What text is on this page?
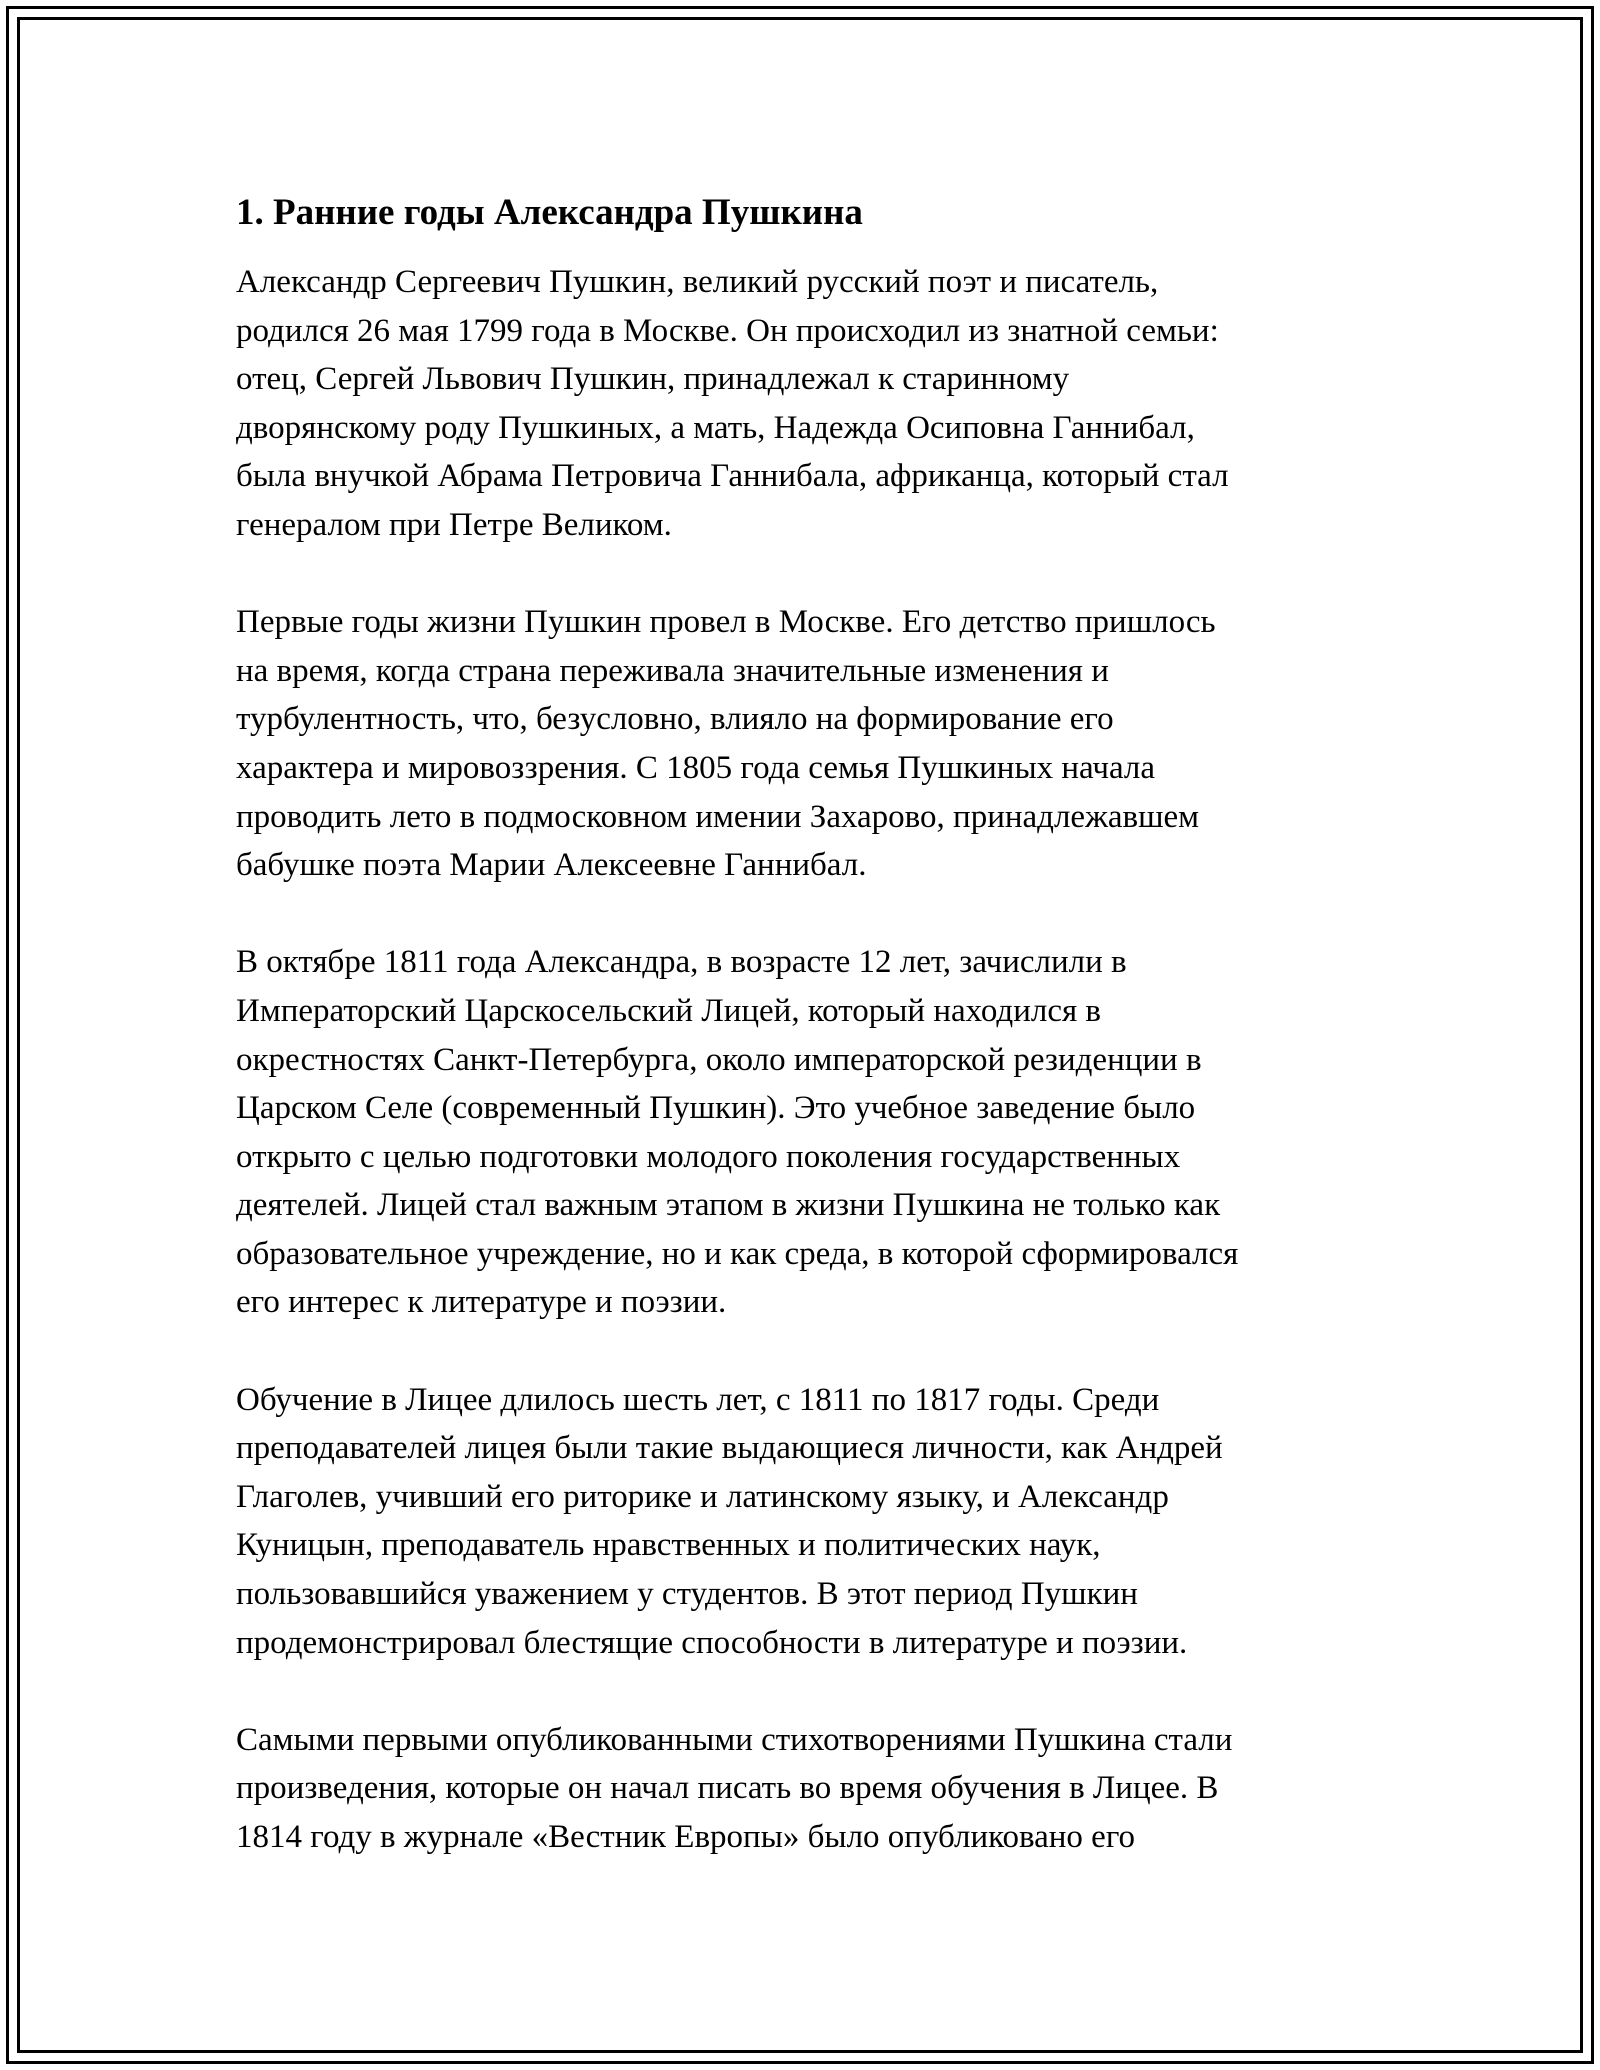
1. Ранние годы Александра Пушкина

Александр Сергеевич Пушкин, великий русский поэт и писатель,
родился 26 мая 1799 года в Москве. Он происходил из знатной семьи:
отец, Сергей Львович Пушкин, принадлежал к старинному
дворянскому роду Пушкиных, а мать, Надежда Осиповна Ганнибал,
была внучкой Абрама Петровича Ганнибала, африканца, который стал
генералом при Петре Великом.

Первые годы жизни Пушкин провел в Москве. Его детство пришлось
на время, когда страна переживала значительные изменения и
турбулентность, что, безусловно, влияло на формирование его
характера и мировоззрения. С 1805 года семья Пушкиных начала
проводить лето в подмосковном имении Захарово, принадлежавшем
бабушке поэта Марии Алексеевне Ганнибал.

В октябре 1811 года Александра, в возрасте 12 лет, зачислили в
Императорский Царскосельский Лицей, который находился в
окрестностях Санкт-Петербурга, около императорской резиденции в
Царском Селе (современный Пушкин). Это учебное заведение было
открыто с целью подготовки молодого поколения государственных
деятелей. Лицей стал важным этапом в жизни Пушкина не только как
образовательное учреждение, но и как среда, в которой сформировался
его интерес к литературе и поэзии.

Обучение в Лицее длилось шесть лет, с 1811 по 1817 годы. Среди
преподавателей лицея были такие выдающиеся личности, как Андрей
Глаголев, учивший его риторике и латинскому языку, и Александр
Куницын, преподаватель нравственных и политических наук,
пользовавшийся уважением у студентов. В этот период Пушкин
продемонстрировал блестящие способности в литературе и поэзии.

Самыми первыми опубликованными стихотворениями Пушкина стали
произведения, которые он начал писать во время обучения в Лицее. В
1814 году в журнале «Вестник Европы» было опубликовано его
